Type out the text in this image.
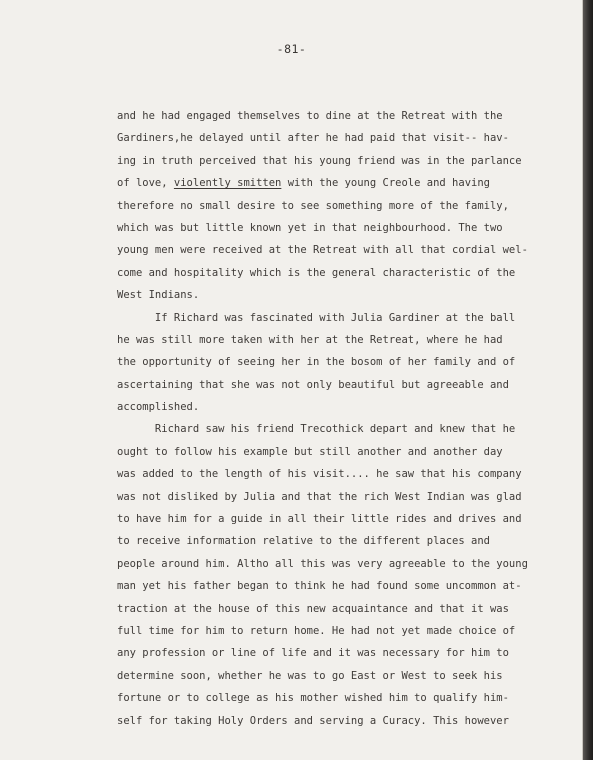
-81-
and he had engaged themselves to dine at the Retreat with the
Gardiners,he delayed until after he had paid that visit-- hav-
ing in truth perceived that his young friend was in the parlance
of love, violently smitten with the young Creole and having
therefore no small desire to see something more of the family,
which was but little known yet in that neighbourhood. The two
young men were received at the Retreat with all that cordial wel-
come and hospitality which is the general characteristic of the
West Indians.
If Richard was fascinated with Julia Gardiner at the ball
he was still more taken with her at the Retreat, where he had
the opportunity of seeing her in the bosom of her family and of
ascertaining that she was not only beautiful but agreeable and
accomplished.
Richard saw his friend Trecothick depart and knew that he
ought to follow his example but still another and another day
was added to the length of his visit.... he saw that his company
was not disliked by Julia and that the rich West Indian was glad
to have him for a guide in all their little rides and drives and
to receive information relative to the different places and
people around him. Altho all this was very agreeable to the young
man yet his father began to think he had found some uncommon at-
traction at the house of this new acquaintance and that it was
full time for him to return home. He had not yet made choice of
any profession or line of life and it was necessary for him to
determine soon, whether he was to go East or West to seek his
fortune or to college as his mother wished him to qualify him-
self for taking Holy Orders and serving a Curacy. This however
